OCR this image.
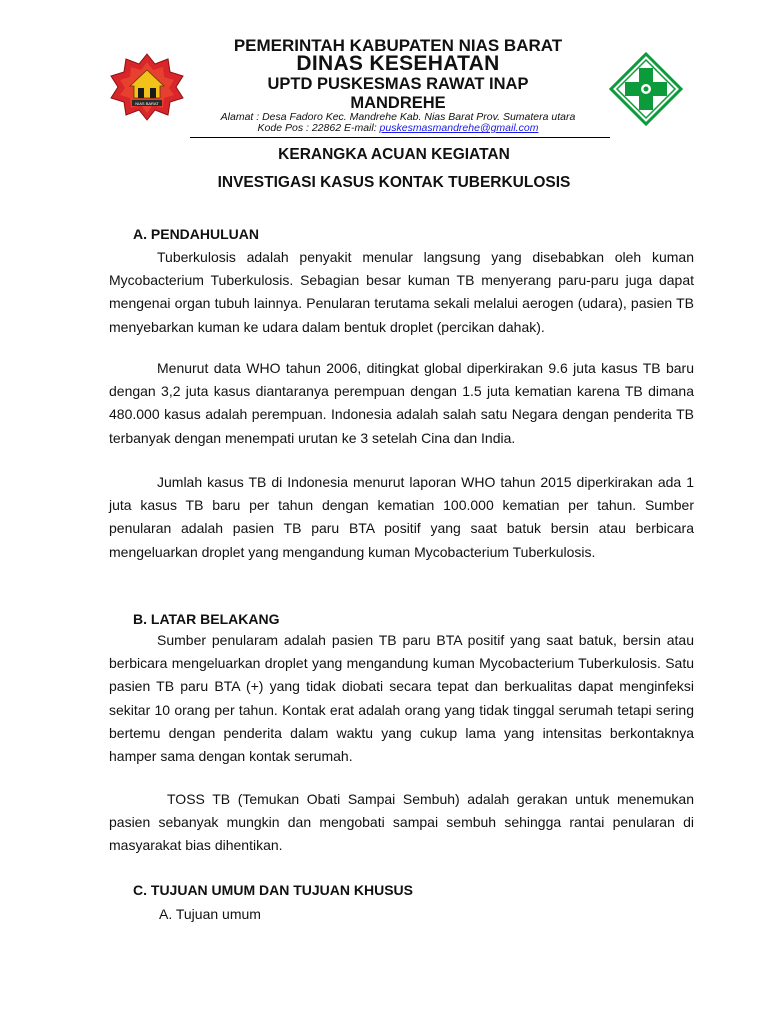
NIAS BARAT
PEMERINTAH KABUPATEN NIAS BARAT
DINAS KESEHATAN
UPTD PUSKESMAS RAWAT INAP
MANDREHE
Alamat : Desa Fadoro Kec. Mandrehe Kab. Nias Barat Prov. Sumatera utara
Kode Pos : 22862 E-mail: puskesmasmandrehe@gmail.com
KERANGKA ACUAN KEGIATAN
INVESTIGASI KASUS KONTAK TUBERKULOSIS
A. PENDAHULUAN

Tuberkulosis adalah penyakit menular langsung yang disebabkan oleh kuman Mycobacterium Tuberkulosis. Sebagian besar kuman TB menyerang paru-paru juga dapat mengenai organ tubuh lainnya. Penularan terutama sekali melalui aerogen (udara), pasien TB menyebarkan kuman ke udara dalam bentuk droplet (percikan dahak).

Menurut data WHO tahun 2006, ditingkat global diperkirakan 9.6 juta kasus TB baru dengan 3,2 juta kasus diantaranya perempuan dengan 1.5 juta kematian karena TB dimana 480.000 kasus adalah perempuan. Indonesia adalah salah satu Negara dengan penderita TB terbanyak dengan menempati urutan ke 3 setelah Cina dan India.

Jumlah kasus TB di Indonesia menurut laporan WHO tahun 2015 diperkirakan ada 1 juta kasus TB baru per tahun dengan kematian 100.000 kematian per tahun. Sumber penularan adalah pasien TB paru BTA positif yang saat batuk bersin atau berbicara mengeluarkan droplet yang mengandung kuman Mycobacterium Tuberkulosis.

B. LATAR BELAKANG

Sumber penularam adalah pasien TB paru BTA positif yang saat batuk, bersin atau berbicara mengeluarkan droplet yang mengandung kuman Mycobacterium Tuberkulosis. Satu pasien TB paru BTA (+) yang tidak diobati secara tepat dan berkualitas dapat menginfeksi sekitar 10 orang per tahun. Kontak erat adalah orang yang tidak tinggal serumah tetapi sering bertemu dengan penderita dalam waktu yang cukup lama yang intensitas berkontaknya hamper sama dengan kontak serumah.

TOSS TB (Temukan Obati Sampai Sembuh) adalah gerakan untuk menemukan pasien sebanyak mungkin dan mengobati sampai sembuh sehingga rantai penularan di masyarakat bias dihentikan.

C. TUJUAN UMUM DAN TUJUAN KHUSUS
A. Tujuan umum
